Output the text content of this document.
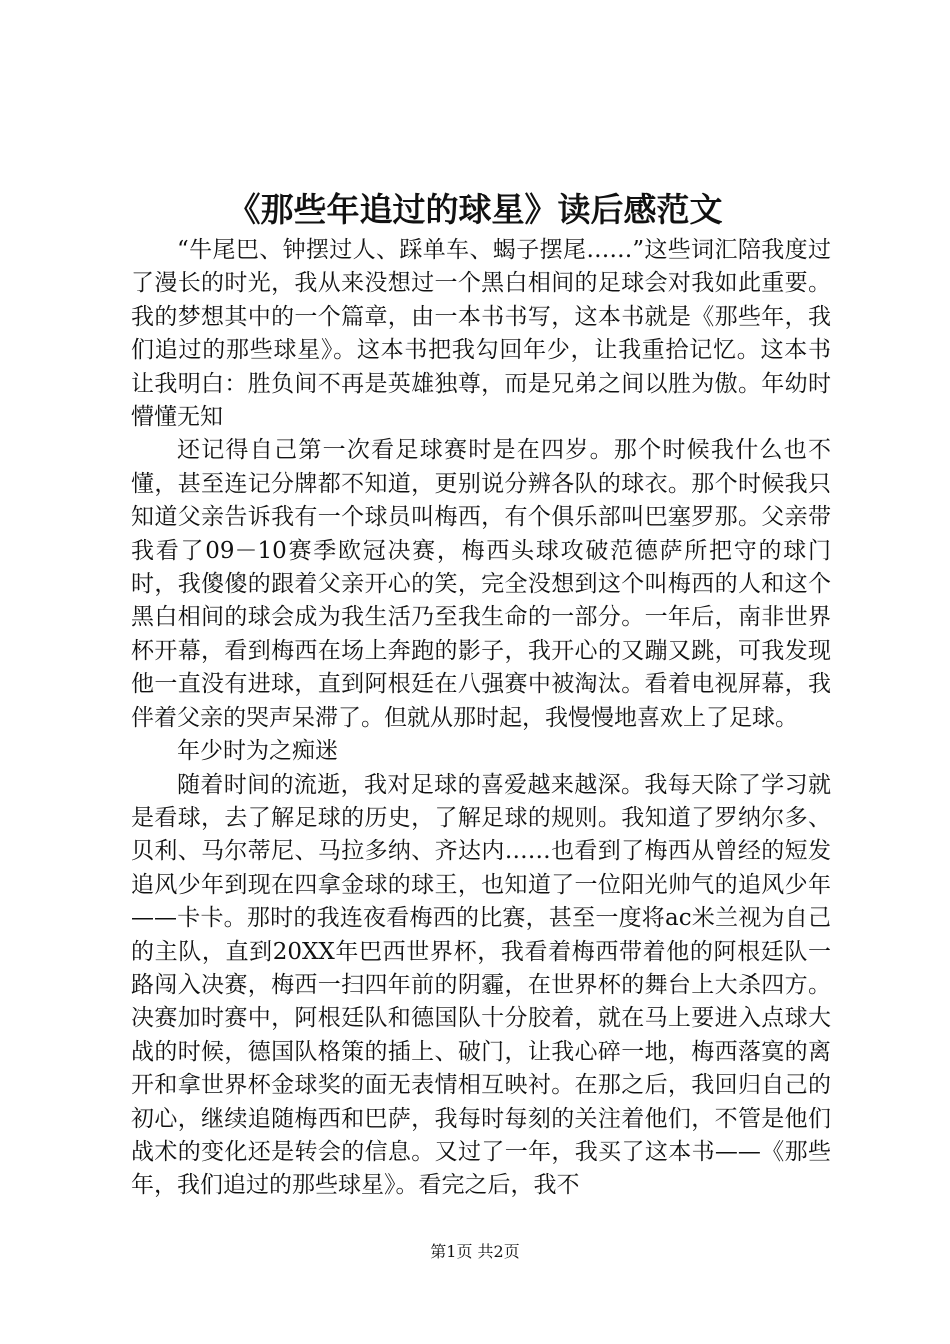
《那些年追过的球星》读后感范文

“牛尾巴、钟摆过人、踩单车、蝎子摆尾……”这些词汇陪我度过了漫长的时光，我从来没想过一个黑白相间的足球会对我如此重要。我的梦想其中的一个篇章，由一本书书写，这本书就是《那些年，我们追过的那些球星》。这本书把我勾回年少，让我重拾记忆。这本书让我明白：胜负间不再是英雄独尊，而是兄弟之间以胜为傲。年幼时懵懂无知

还记得自己第一次看足球赛时是在四岁。那个时候我什么也不懂，甚至连记分牌都不知道，更别说分辨各队的球衣。那个时候我只知道父亲告诉我有一个球员叫梅西，有个俱乐部叫巴塞罗那。父亲带我看了09－10赛季欧冠决赛，梅西头球攻破范德萨所把守的球门时，我傻傻的跟着父亲开心的笑，完全没想到这个叫梅西的人和这个黑白相间的球会成为我生活乃至我生命的一部分。一年后，南非世界杯开幕，看到梅西在场上奔跑的影子，我开心的又蹦又跳，可我发现他一直没有进球，直到阿根廷在八强赛中被淘汰。看着电视屏幕，我伴着父亲的哭声呆滞了。但就从那时起，我慢慢地喜欢上了足球。

年少时为之痴迷

随着时间的流逝，我对足球的喜爱越来越深。我每天除了学习就是看球，去了解足球的历史，了解足球的规则。我知道了罗纳尔多、贝利、马尔蒂尼、马拉多纳、齐达内……也看到了梅西从曾经的短发追风少年到现在四拿金球的球王，也知道了一位阳光帅气的追风少年——卡卡。那时的我连夜看梅西的比赛，甚至一度将ac米兰视为自己的主队，直到20XX年巴西世界杯，我看着梅西带着他的阿根廷队一路闯入决赛，梅西一扫四年前的阴霾，在世界杯的舞台上大杀四方。决赛加时赛中，阿根廷队和德国队十分胶着，就在马上要进入点球大战的时候，德国队格策的插上、破门，让我心碎一地，梅西落寞的离开和拿世界杯金球奖的面无表情相互映衬。在那之后，我回归自己的初心，继续追随梅西和巴萨，我每时每刻的关注着他们，不管是他们战术的变化还是转会的信息。又过了一年，我买了这本书——《那些年，我们追过的那些球星》。看完之后，我不

第1页 共2页
